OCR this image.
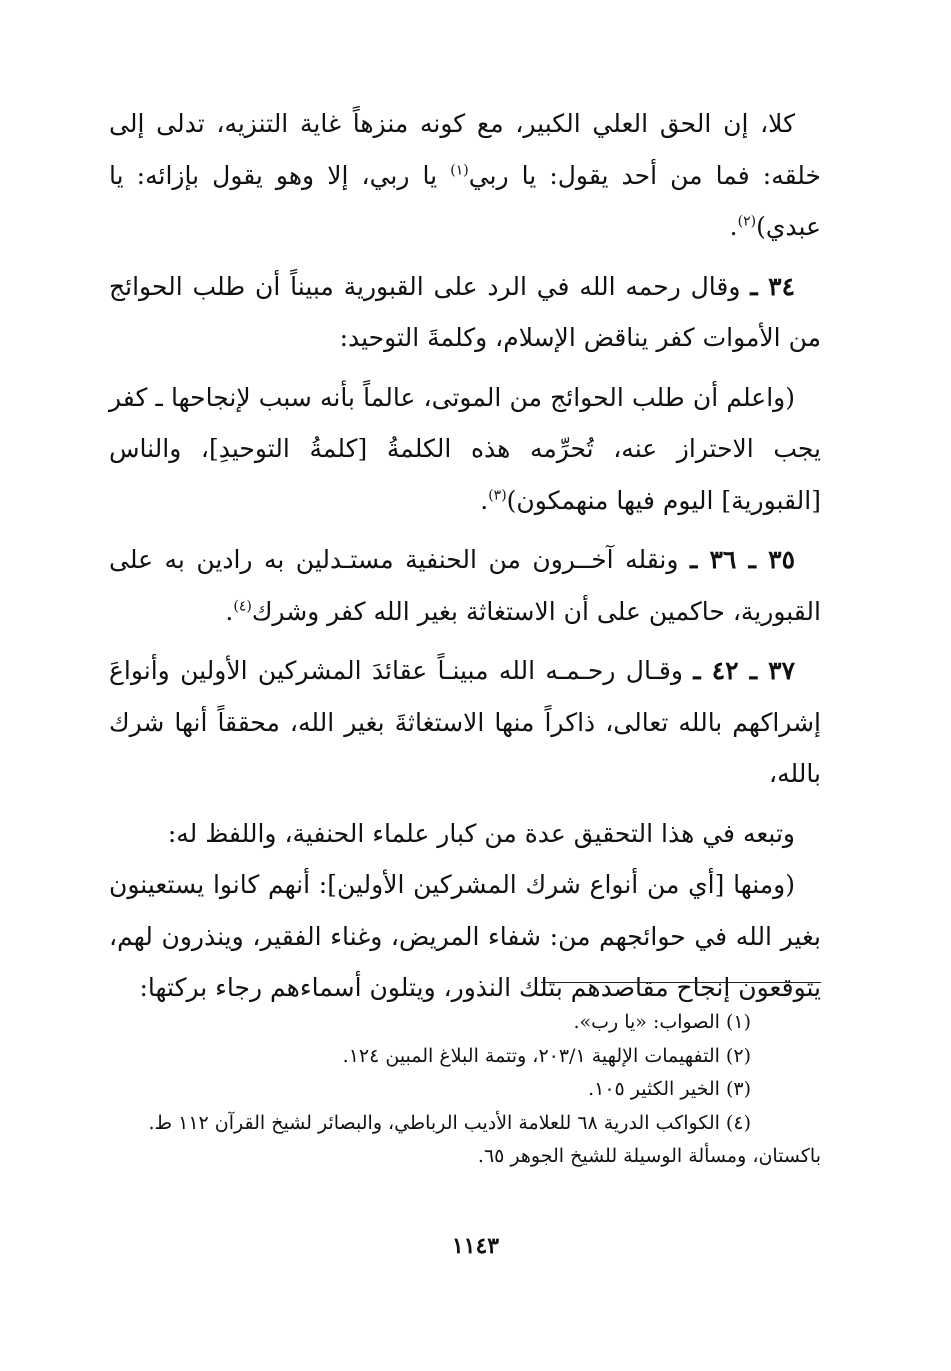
كلا، إن الحق العلي الكبير، مع كونه منزهاً غاية التنزيه، تدلى إلى خلقه: فما من أحد يقول: يا ربي$^{(١)}$ يا ربي، إلا وهو يقول بإزائه: يا عبدي)$^{(٢)}$.

٣٤ ـ وقال رحمه الله في الرد على القبورية مبيناً أن طلب الحوائج من الأموات كفر يناقض الإسلام، وكلمةَ التوحيد:

(واعلم أن طلب الحوائج من الموتى، عالماً بأنه سبب لإنجاحها ـ كفر يجب الاحتراز عنه، تُحرِّمه هذه الكلمةُ [كلمةُ التوحيدِ]، والناس [القبورية] اليوم فيها منهمكون)$^{(٣)}$.

٣٥ ـ ٣٦ ـ ونقله آخــرون من الحنفية مستـدلين به رادين به على القبورية، حاكمين على أن الاستغاثة بغير الله كفر وشرك$^{(٤)}$.

٣٧ ـ ٤٢ ـ وقـال رحـمـه الله مبينـاً عقائدَ المشركين الأولين وأنواعَ إشراكهم بالله تعالى، ذاكراً منها الاستغاثةَ بغير الله، محققاً أنها شرك بالله،

وتبعه في هذا التحقيق عدة من كبار علماء الحنفية، واللفظ له:

(ومنها [أي من أنواع شرك المشركين الأولين]: أنهم كانوا يستعينون بغير الله في حوائجهم من: شفاء المريض، وغناء الفقير، وينذرون لهم، يتوقعون إنجاح مقاصدهم بتلك النذور، ويتلون أسماءهم رجاء بركتها:

(١) الصواب: «يا رب».

(٢) التفهيمات الإلهية ٢٠٣/١، وتتمة البلاغ المبين ١٢٤.

(٣) الخير الكثير ١٠٥.

(٤) الكواكب الدرية ٦٨ للعلامة الأديب الرباطي، والبصائر لشيخ القرآن ١١٢ ط.

باكستان، ومسألة الوسيلة للشيخ الجوهر ٦٥.

١١٤٣
